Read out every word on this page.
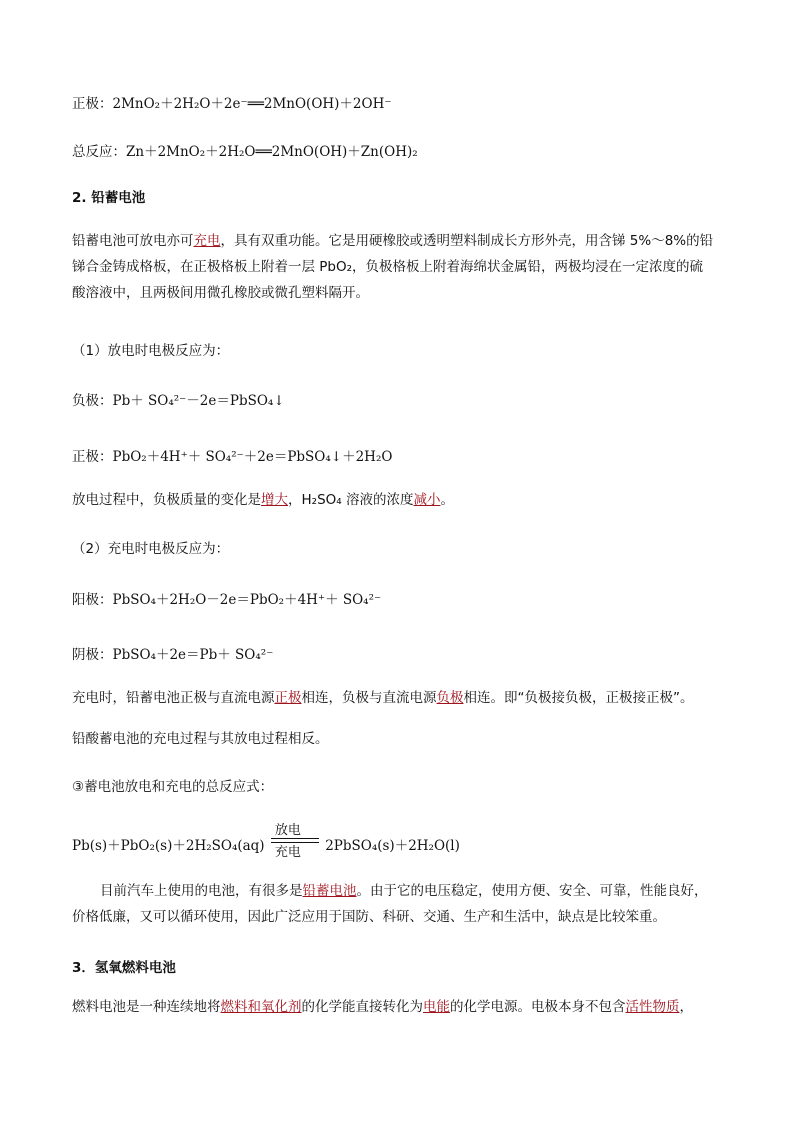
正极：2MnO₂＋2H₂O＋2e⁻══2MnO(OH)＋2OH⁻
总反应：Zn＋2MnO₂＋2H₂O══2MnO(OH)＋Zn(OH)₂
2. 铅蓄电池
铅蓄电池可放电亦可充电，具有双重功能。它是用硬橡胶或透明塑料制成长方形外壳，用含锑 5%～8%的铅
锑合金铸成格板，在正极格板上附着一层 PbO₂，负极格板上附着海绵状金属铅，两极均浸在一定浓度的硫
酸溶液中，且两极间用微孔橡胶或微孔塑料隔开。
（1）放电时电极反应为：
负极：Pb＋ SO₄²⁻－2e＝PbSO₄↓
正极：PbO₂＋4H⁺＋ SO₄²⁻＋2e＝PbSO₄↓＋2H₂O
放电过程中，负极质量的变化是增大，H₂SO₄ 溶液的浓度减小。
（2）充电时电极反应为：
阳极：PbSO₄＋2H₂O－2e＝PbO₂＋4H⁺＋ SO₄²⁻
阴极：PbSO₄＋2e＝Pb＋ SO₄²⁻
充电时，铅蓄电池正极与直流电源正极相连，负极与直流电源负极相连。即“负极接负极，正极接正极”。
铅酸蓄电池的充电过程与其放电过程相反。
③蓄电池放电和充电的总反应式：
Pb(s)＋PbO₂(s)＋2H₂SO₄(aq)
放电
充电 2PbSO₄(s)＋2H₂O(l)
目前汽车上使用的电池，有很多是铅蓄电池。由于它的电压稳定，使用方便、安全、可靠，性能良好，
价格低廉，又可以循环使用，因此广泛应用于国防、科研、交通、生产和生活中，缺点是比较笨重。
3．氢氧燃料电池
燃料电池是一种连续地将燃料和氧化剂的化学能直接转化为电能的化学电源。电极本身不包含活性物质，
